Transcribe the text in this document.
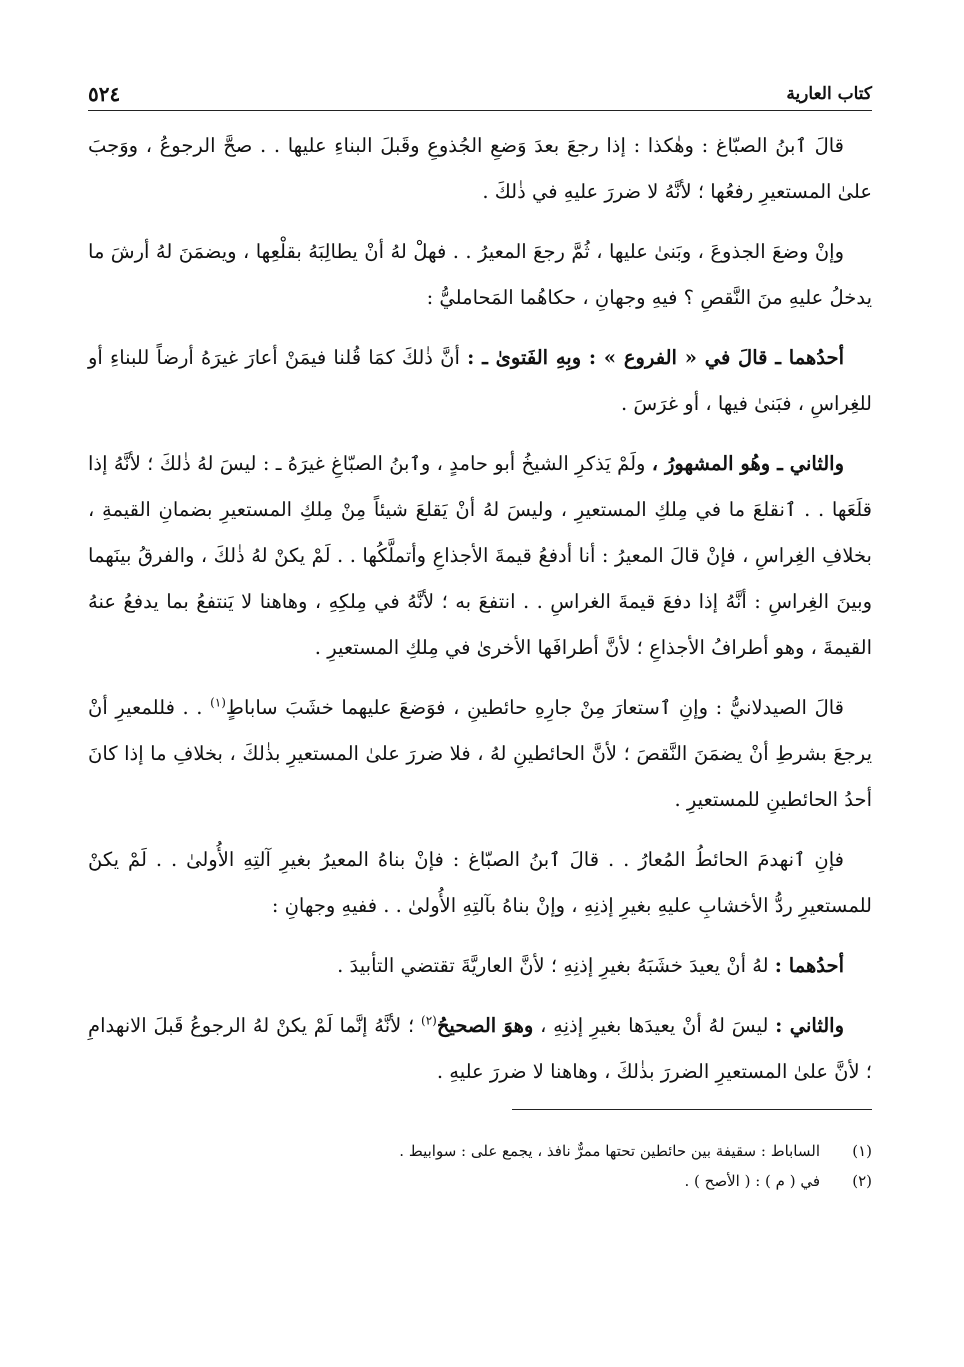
كتاب العارية
٥٢٤

قالَ ٱبنُ الصبّاغ : وهٰكذا : إذا رجعَ بعدَ وَضعِ الجُذوعِ وقَبلَ البناءِ عليها . . صحَّ الرجوعُ ، ووَجبَ علىٰ المستعيرِ رفعُها ؛ لأنَّهُ لا ضررَ عليهِ في ذٰلكَ .

وإنْ وضعَ الجذوعَ ، وبَنىٰ عليها ، ثُمَّ رجعَ المعيرُ . . فهلْ لهُ أنْ يطالِبَهُ بقلْعِها ، ويضمَنَ لهُ أرشَ ما يدخلُ عليهِ منَ النَّقصِ ؟ فيهِ وجهانِ ، حكاهُما المَحامليُّ :

أحدُهما ـ قالَ في « الفروع » : وبِهِ الفَتوىٰ ـ : أنَّ ذٰلكَ كمَا قُلنا فيمَنْ أعارَ غيرَهُ أرضاً للبناءِ أو للغِراسِ ، فبَنىٰ فيها ، أو غرَسَ .

والثاني ـ وهُو المشهورُ ، ولَمْ يَذكرِ الشيخُ أبو حامدٍ ، وٱبنُ الصبّاغِ غيرَهُ ـ : ليسَ لهُ ذٰلكَ ؛ لأنَّهُ إذا قلَعَها . . ٱنقلعَ ما في مِلكِ المستعيرِ ، وليسَ لهُ أنْ يَقلعَ شيئاً مِنْ مِلكِ المستعيرِ بضمانِ القيمةِ ، بخلافِ الغِراسِ ، فإنْ قالَ المعيرُ : أنا أدفعُ قيمةَ الأجذاعِ وأتملَّكُها . . لَمْ يكنْ لهُ ذٰلكَ ، والفرقُ بينَهما وبينَ الغِراسِ : أنَّهُ إذا دفعَ قيمةَ الغراسِ . . انتفعَ به ؛ لأنَّهُ في مِلكِهِ ، وهاهنا لا يَنتفعُ بما يدفعُ عنهُ القيمةَ ، وهو أطرافُ الأجذاعِ ؛ لأنَّ أطرافَها الأخرىٰ في مِلكِ المستعيرِ .

قالَ الصيدلانيُّ : وإنِ ٱستعارَ مِنْ جارِهِ حائطينِ ، فوَضعَ عليهما خشَبَ ساباطٍ$^{(١)}$ . . فللمعيرِ أنْ يرجعَ بشرطِ أنْ يضمَنَ النَّقصَ ؛ لأنَّ الحائطينِ لهُ ، فلا ضررَ علىٰ المستعيرِ بذٰلكَ ، بخلافِ ما إذا كانَ أحدُ الحائطينِ للمستعيرِ .

فإنِ ٱنهدمَ الحائطُ المُعارُ . . قالَ ٱبنُ الصبّاغ : فإنْ بناهُ المعيرُ بغيرِ آلتِهِ الأُولىٰ . . لَمْ يكنْ للمستعيرِ ردُّ الأخشابِ عليهِ بغيرِ إذنِهِ ، وإنْ بناهُ بآلتِهِ الأُولىٰ . . ففيهِ وجهانِ :

أحدُهما : لهُ أنْ يعيدَ خشَبَهُ بغيرِ إذنِهِ ؛ لأنَّ العاريَّةَ تقتضي التأبيدَ .

والثاني : ليسَ لهُ أنْ يعيدَها بغيرِ إذنِهِ ، وهوَ الصحيحُ$^{(٢)}$ ؛ لأنَّهُ إنَّما لَمْ يكنْ لهُ الرجوعُ قَبلَ الانهدامِ ؛ لأنَّ علىٰ المستعيرِ الضررَ بذٰلكَ ، وهاهنا لا ضررَ عليهِ .

(١)
الساباط : سقيفة بين حائطين تحتها ممرٌّ نافذ ، يجمع على : سوابيط .
(٢)
في ( م ) : ( الأصح ) .
